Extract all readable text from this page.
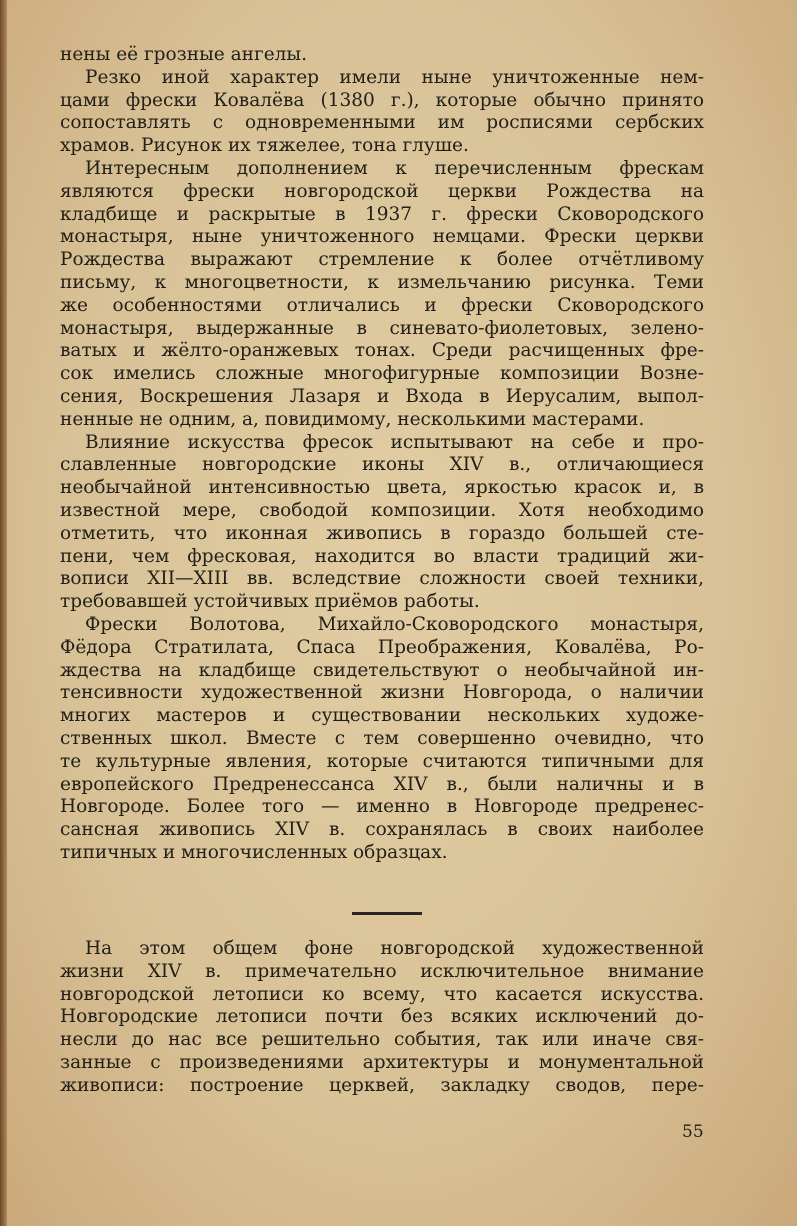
нены её грозные ангелы.
Резко иной характер имели ныне уничтоженные нем-
цами фрески Ковалёва (1380 г.), которые обычно принято
сопоставлять с одновременными им росписями сербских
храмов. Рисунок их тяжелее, тона глуше.
Интересным дополнением к перечисленным фрескам
являются фрески новгородской церкви Рождества на
кладбище и раскрытые в 1937 г. фрески Сковородского
монастыря, ныне уничтоженного немцами. Фрески церкви
Рождества выражают стремление к более отчётливому
письму, к многоцветности, к измельчанию рисунка. Теми
же особенностями отличались и фрески Сковородского
монастыря, выдержанные в синевато-фиолетовых, зелено-
ватых и жёлто-оранжевых тонах. Среди расчищенных фре-
сок имелись сложные многофигурные композиции Вознe-
сения, Воскрешения Лазаря и Входа в Иерусалим, выпол-
ненные не одним, а, повидимому, несколькими мастерами.
Влияние искусства фресок испытывают на себе и про-
славленные новгородские иконы XIV в., отличающиеся
необычайной интенсивностью цвета, яркостью красок и, в
известной мере, свободой композиции. Хотя необходимо
отметить, что иконная живопись в гораздо большей сте-
пени, чем фресковая, находится во власти традиций жи-
вописи XII—XIII вв. вследствие сложности своей техники,
требовавшей устойчивых приёмов работы.
Фрески Волотова, Михайло-Сковородского монастыря,
Фёдора Стратилата, Спаса Преображения, Ковалёва, Ро-
ждества на кладбище свидетельствуют о необычайной ин-
тенсивности художественной жизни Новгорода, о наличии
многих мастеров и существовании нескольких художе-
ственных школ. Вместе с тем совершенно очевидно, что
те культурные явления, которые считаются типичными для
европейского Предренессанса XIV в., были наличны и в
Новгороде. Более того — именно в Новгороде предренес-
сансная живопись XIV в. сохранялась в своих наиболее
типичных и многочисленных образцах.
На этом общем фоне новгородской художественной
жизни XIV в. примечательно исключительное внимание
новгородской летописи ко всему, что касается искусства.
Новгородские летописи почти без всяких исключений до-
несли до нас все решительно события, так или иначе свя-
занные с произведениями архитектуры и монументальной
живописи: построение церквей, закладку сводов, пере-
55
